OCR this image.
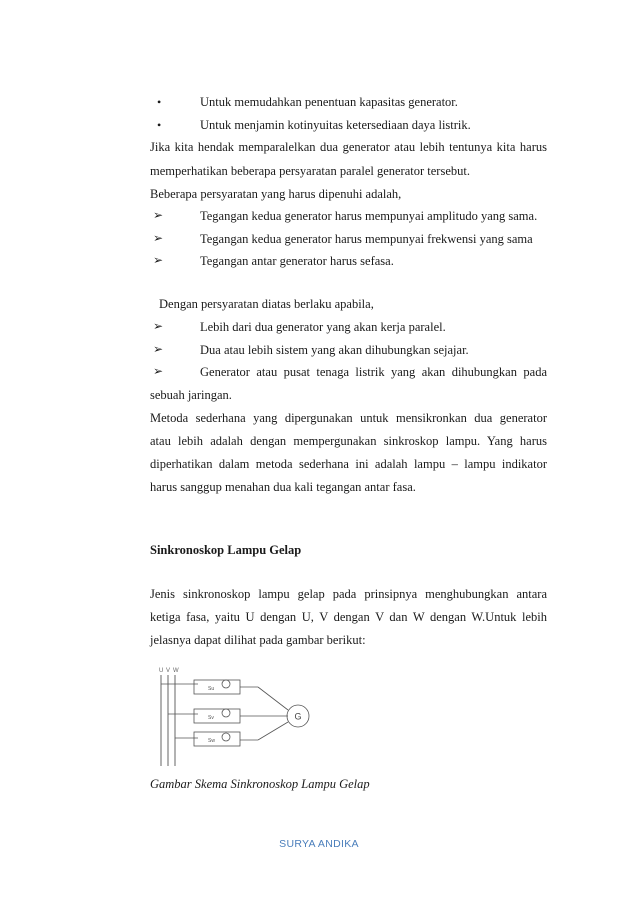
•	Untuk memudahkan penentuan kapasitas generator.
•	Untuk menjamin kotinyuitas ketersediaan daya listrik.
Jika kita hendak memparalelkan dua generator atau lebih tentunya kita harus
memperhatikan beberapa persyaratan paralel generator tersebut.
Beberapa persyaratan yang harus dipenuhi adalah,
➢	Tegangan kedua generator harus mempunyai amplitudo yang sama.
➢	Tegangan kedua generator harus mempunyai frekwensi yang sama
➢	Tegangan antar generator harus sefasa.
Dengan persyaratan diatas berlaku apabila,
➢	Lebih dari dua generator yang akan kerja paralel.
➢	Dua atau lebih sistem yang akan dihubungkan sejajar.
➢	Generator atau pusat tenaga listrik yang akan dihubungkan pada
sebuah jaringan.
Metoda sederhana yang dipergunakan untuk mensikronkan dua generator
atau lebih adalah dengan mempergunakan sinkroskop lampu. Yang harus
diperhatikan dalam metoda sederhana ini adalah lampu – lampu indikator
harus sanggup menahan dua kali tegangan antar fasa.
Sinkronoskop Lampu Gelap
Jenis sinkronoskop lampu gelap pada prinsipnya menghubungkan antara
ketiga fasa, yaitu U dengan U, V dengan V dan W dengan W.Untuk lebih
jelasnya dapat dilihat pada gambar berikut:
U V W
Su
Sv
Sw
G
Gambar Skema Sinkronoskop Lampu Gelap
SURYA ANDIKA
